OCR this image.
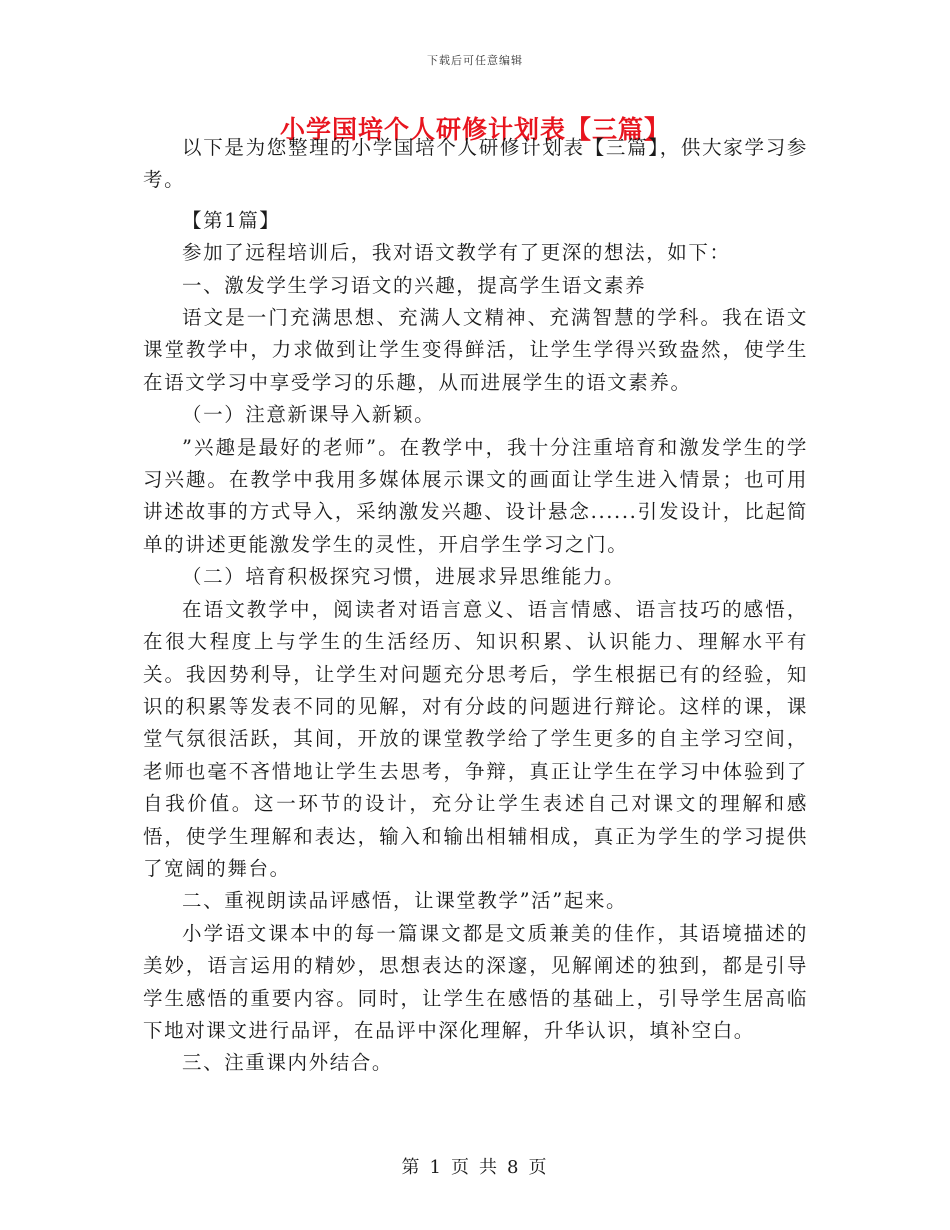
下载后可任意编辑
小学国培个人研修计划表【三篇】

以下是为您整理的小学国培个人研修计划表【三篇】，供大家学习参考。

【第1篇】

参加了远程培训后，我对语文教学有了更深的想法，如下：

一、激发学生学习语文的兴趣，提高学生语文素养

语文是一门充满思想、充满人文精神、充满智慧的学科。我在语文课堂教学中，力求做到让学生变得鲜活，让学生学得兴致盎然，使学生在语文学习中享受学习的乐趣，从而进展学生的语文素养。

（一）注意新课导入新颖。

”兴趣是最好的老师”。在教学中，我十分注重培育和激发学生的学习兴趣。在教学中我用多媒体展示课文的画面让学生进入情景；也可用讲述故事的方式导入，采纳激发兴趣、设计悬念......引发设计，比起简单的讲述更能激发学生的灵性，开启学生学习之门。

（二）培育积极探究习惯，进展求异思维能力。

在语文教学中，阅读者对语言意义、语言情感、语言技巧的感悟，在很大程度上与学生的生活经历、知识积累、认识能力、理解水平有关。我因势利导，让学生对问题充分思考后，学生根据已有的经验，知识的积累等发表不同的见解，对有分歧的问题进行辩论。这样的课，课堂气氛很活跃，其间，开放的课堂教学给了学生更多的自主学习空间，老师也毫不吝惜地让学生去思考，争辩，真正让学生在学习中体验到了自我价值。这一环节的设计，充分让学生表述自己对课文的理解和感悟，使学生理解和表达，输入和输出相辅相成，真正为学生的学习提供了宽阔的舞台。

二、重视朗读品评感悟，让课堂教学”活”起来。

小学语文课本中的每一篇课文都是文质兼美的佳作，其语境描述的美妙，语言运用的精妙，思想表达的深邃，见解阐述的独到，都是引导学生感悟的重要内容。同时，让学生在感悟的基础上，引导学生居高临下地对课文进行品评，在品评中深化理解，升华认识，填补空白。

三、注重课内外结合。

第 1 页 共 8 页
